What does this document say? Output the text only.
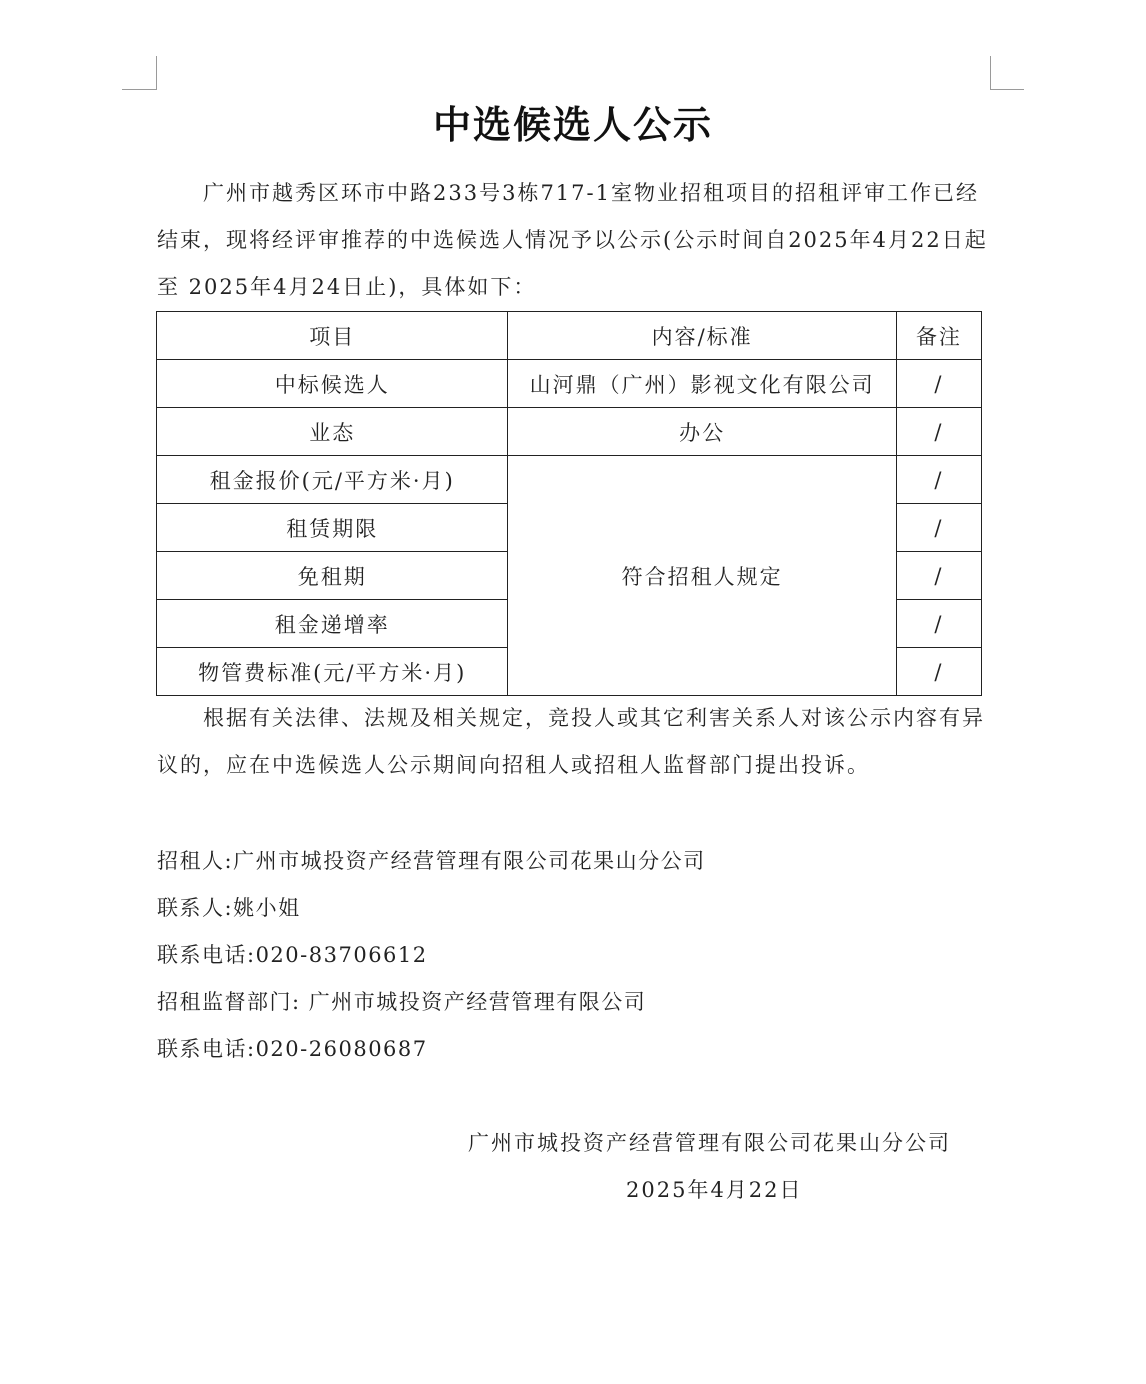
中选候选人公示

广州市越秀区环市中路233号3栋717-1室物业招租项目的招租评审工作已经结束，现将经评审推荐的中选候选人情况予以公示(公示时间自2025年4月22日起至 2025年4月24日止)，具体如下：

项目	内容/标准	备注
中标候选人	山河鼎（广州）影视文化有限公司	/
业态	办公	/
租金报价(元/平方米·月)	符合招租人规定	/
租赁期限		/
免租期		/
租金递增率		/
物管费标准(元/平方米·月)		/

根据有关法律、法规及相关规定，竞投人或其它利害关系人对该公示内容有异议的，应在中选候选人公示期间向招租人或招租人监督部门提出投诉。

招租人:广州市城投资产经营管理有限公司花果山分公司

联系人:姚小姐

联系电话:020-83706612

招租监督部门: 广州市城投资产经营管理有限公司

联系电话:020-26080687

广州市城投资产经营管理有限公司花果山分公司
2025年4月22日
